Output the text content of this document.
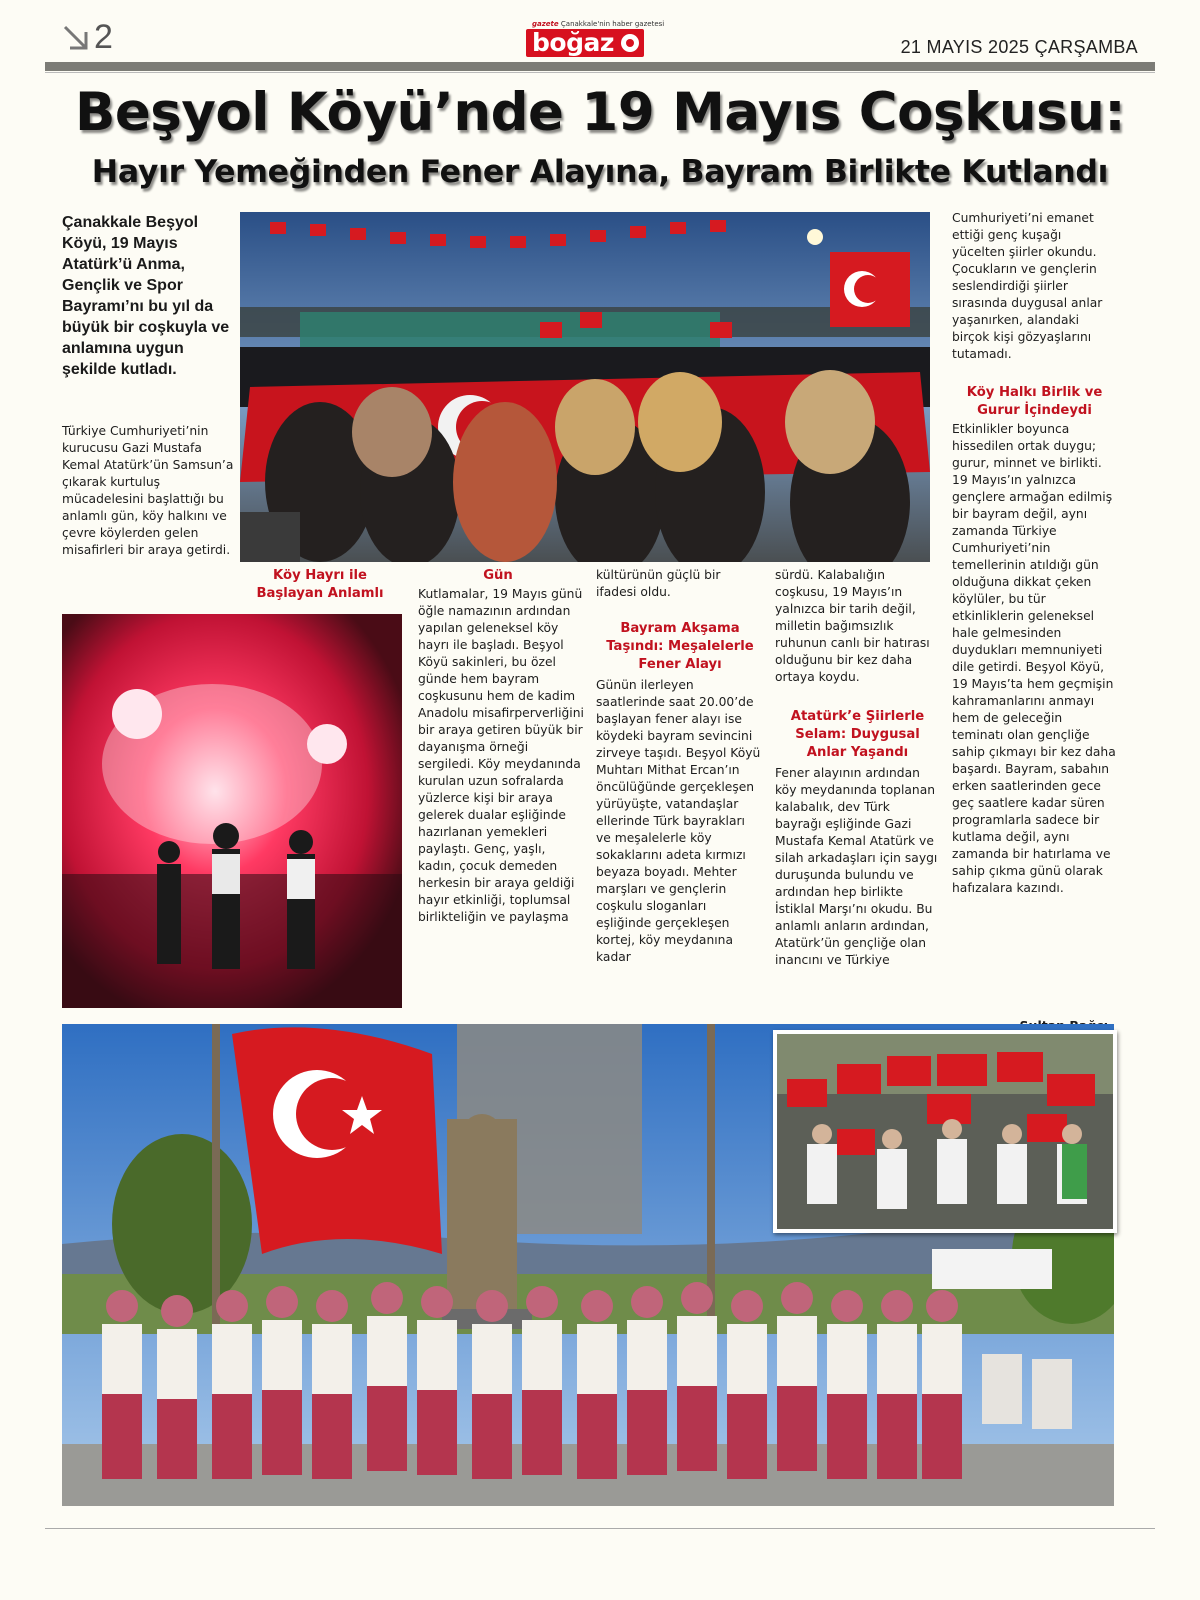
2	gazete Çanakkale'nin haber gazetesi
boğaz	21 MAYIS 2025 ÇARŞAMBA
Beşyol Köyü’nde 19 Mayıs Coşkusu:
Hayır Yemeğinden Fener Alayına, Bayram Birlikte Kutlandı
Çanakkale Beşyol Köyü, 19 Mayıs Atatürk’ü Anma, Gençlik ve Spor Bayramı’nı bu yıl da büyük bir coşkuyla ve anlamına uygun şekilde kutladı.
Türkiye Cumhuriyeti’nin kurucusu Gazi Mustafa Kemal Atatürk’ün Samsun’a çıkarak kurtuluş mücadelesini başlattığı bu anlamlı gün, köy halkını ve çevre köylerden gelen misafirleri bir araya getirdi.
Köy Hayrı ile Başlayan Anlamlı
Gün
Kutlamalar, 19 Mayıs günü öğle namazının ardından yapılan geleneksel köy hayrı ile başladı. Beşyol Köyü sakinleri, bu özel günde hem bayram coşkusunu hem de kadim Anadolu misafirperverliğini bir araya getiren büyük bir dayanışma örneği sergiledi. Köy meydanında kurulan uzun sofralarda yüzlerce kişi bir araya gelerek dualar eşliğinde hazırlanan yemekleri paylaştı. Genç, yaşlı, kadın, çocuk demeden herkesin bir araya geldiği hayır etkinliği, toplumsal birlikteliğin ve paylaşma
kültürünün güçlü bir ifadesi oldu.
Bayram Akşama Taşındı: Meşalelerle Fener Alayı
Günün ilerleyen saatlerinde saat 20.00’de başlayan fener alayı ise köydeki bayram sevincini zirveye taşıdı. Beşyol Köyü Muhtarı Mithat Ercan’ın öncülüğünde gerçekleşen yürüyüşte, vatandaşlar ellerinde Türk bayrakları ve meşalelerle köy sokaklarını adeta kırmızı beyaza boyadı. Mehter marşları ve gençlerin coşkulu sloganları eşliğinde gerçekleşen kortej, köy meydanına kadar
sürdü. Kalabalığın coşkusu, 19 Mayıs’ın yalnızca bir tarih değil, milletin bağımsızlık ruhunun canlı bir hatırası olduğunu bir kez daha ortaya koydu.
Atatürk’e Şiirlerle Selam: Duygusal Anlar Yaşandı
Fener alayının ardından köy meydanında toplanan kalabalık, dev Türk bayrağı eşliğinde Gazi Mustafa Kemal Atatürk ve silah arkadaşları için saygı duruşunda bulundu ve ardından hep birlikte İstiklal Marşı’nı okudu. Bu anlamlı anların ardından, Atatürk’ün gençliğe olan inancını ve Türkiye
Cumhuriyeti’ni emanet ettiği genç kuşağı yücelten şiirler okundu. Çocukların ve gençlerin seslendirdiği şiirler sırasında duygusal anlar yaşanırken, alandaki birçok kişi gözyaşlarını tutamadı.
Köy Halkı Birlik ve Gurur İçindeydi
Etkinlikler boyunca hissedilen ortak duygu; gurur, minnet ve birlikti. 19 Mayıs’ın yalnızca gençlere armağan edilmiş bir bayram değil, aynı zamanda Türkiye Cumhuriyeti’nin temellerinin atıldığı gün olduğuna dikkat çeken köylüler, bu tür etkinliklerin geleneksel hale gelmesinden duydukları memnuniyeti dile getirdi. Beşyol Köyü, 19 Mayıs’ta hem geçmişin kahramanlarını anmayı hem de geleceğin teminatı olan gençliğe sahip çıkmayı bir kez daha başardı. Bayram, sabahın erken saatlerinden gece geç saatlere kadar süren programlarla sadece bir kutlama değil, aynı zamanda bir hatırlama ve sahip çıkma günü olarak hafızalara kazındı.
